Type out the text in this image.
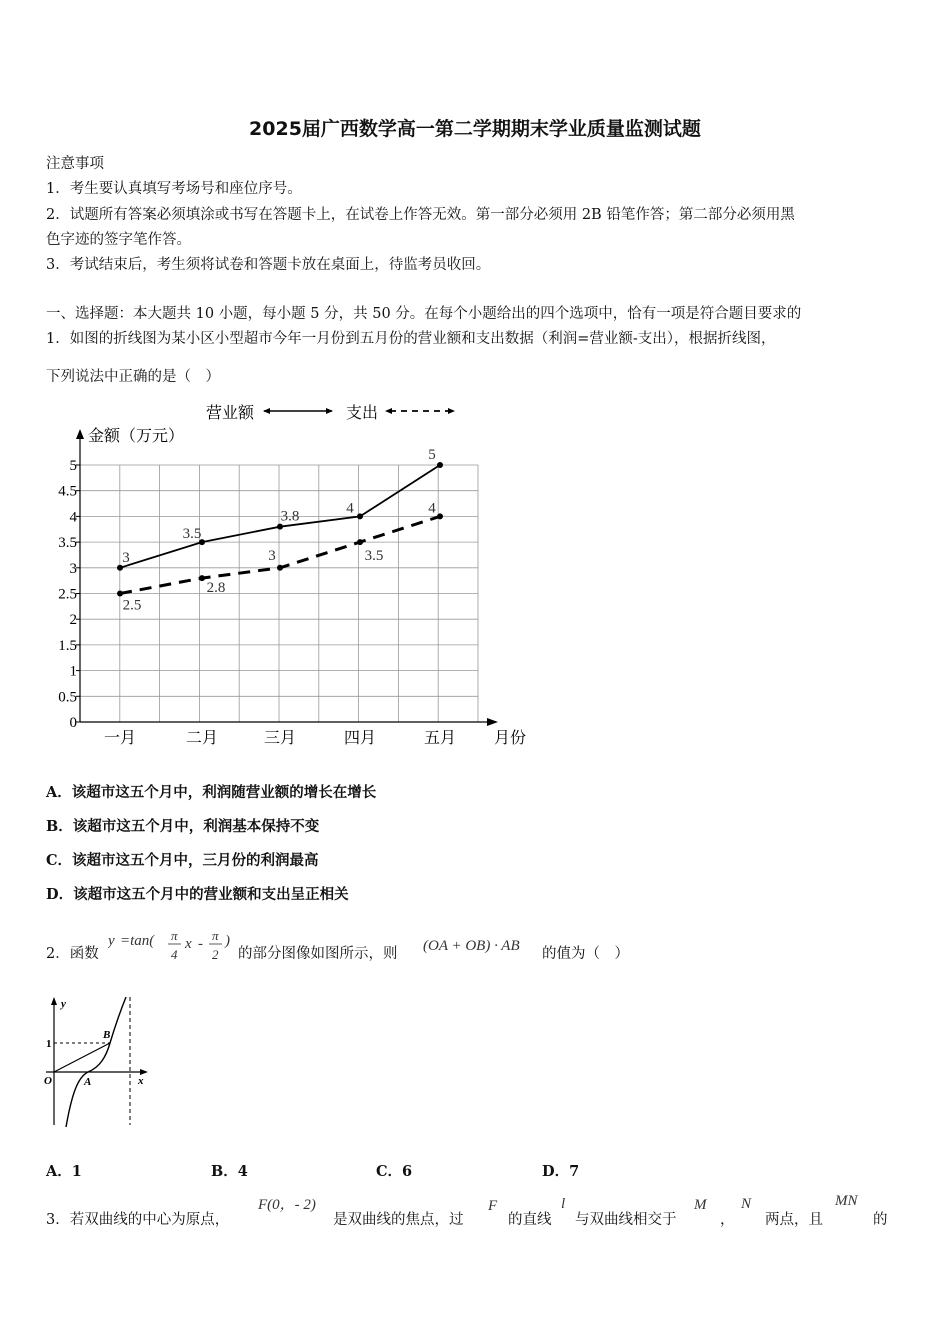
2025届广西数学高一第二学期期末学业质量监测试题
注意事项
1．考生要认真填写考场号和座位序号。
2．试题所有答案必须填涂或书写在答题卡上，在试卷上作答无效。第一部分必须用 2B 铅笔作答；第二部分必须用黑
色字迹的签字笔作答。
3．考试结束后，考生须将试卷和答题卡放在桌面上，待监考员收回。
一、选择题：本大题共 10 小题，每小题 5 分，共 50 分。在每个小题给出的四个选项中，恰有一项是符合题目要求的
1．如图的折线图为某小区小型超市今年一月份到五月份的营业额和支出数据（利润=营业额-支出），根据折线图，
下列说法中正确的是（　）
金额（万元）
月份
营业额	支出
0
0.5
1
1.5
2
2.5
3
3.5
4
4.5
5
一月	二月	三月	四月	五月
3
3.5
3.8
4
5
2.5
2.8
3	3.5
4
A．该超市这五个月中，利润随营业额的增长在增长
B．该超市这五个月中，利润基本保持不变
C．该超市这五个月中，三月份的利润最高
D．该超市这五个月中的营业额和支出呈正相关
2．函数
y =tan( π
4
x -
π
2
)
的部分图像如图所示，则 (OA + OB) · AB 的值为（　）
y
x
O	A
B
1
A．1	B．4	C．6	D．7
3．若双曲线的中心为原点，
F(0，- 2)
是双曲线的焦点，过
F
的直线
l
与双曲线相交于
M
，
N
两点，且
MN
的
